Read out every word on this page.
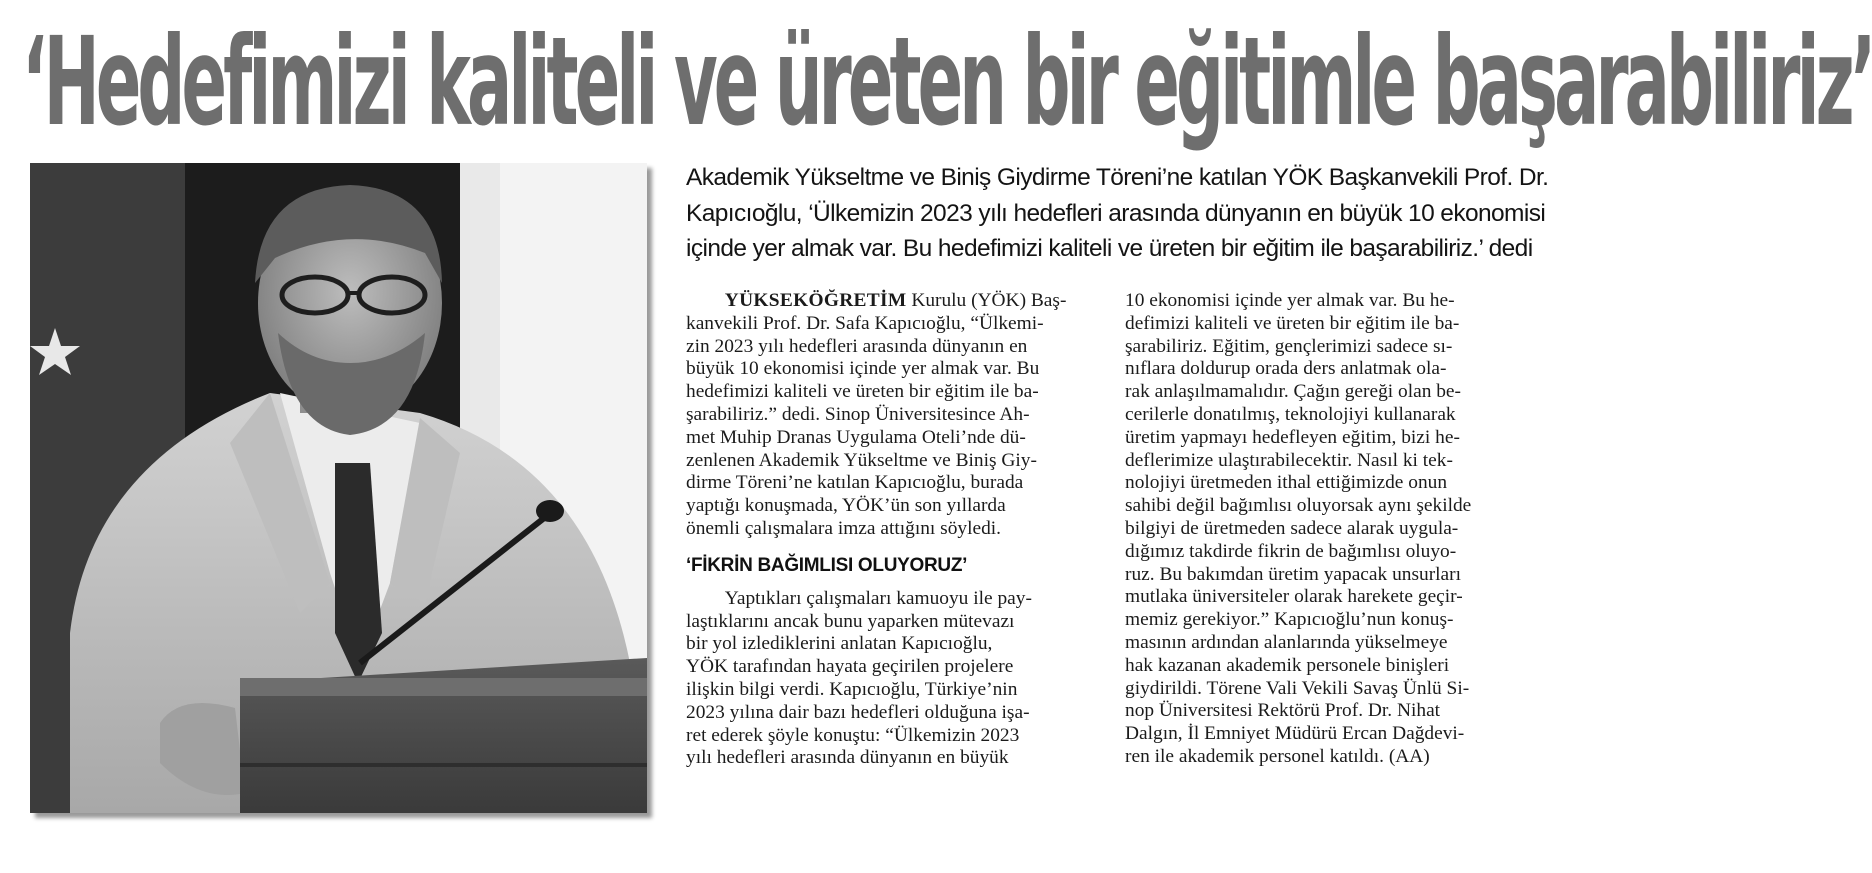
‘Hedefimizi kaliteli ve üreten bir eğitimle başarabiliriz’
Akademik Yükseltme ve Biniş Giydirme Töreni’ne katılan YÖK Başkanvekili Prof. Dr.
Kapıcıoğlu, ‘Ülkemizin 2023 yılı hedefleri arasında dünyanın en büyük 10 ekonomisi
içinde yer almak var. Bu hedefimizi kaliteli ve üreten bir eğitim ile başarabiliriz.’ dedi
  YÜKSEKÖĞRETİM Kurulu (YÖK) Baş-
kanvekili Prof. Dr. Safa Kapıcıoğlu, “Ülkemi-
zin 2023 yılı hedefleri arasında dünyanın en
büyük 10 ekonomisi içinde yer almak var. Bu
hedefimizi kaliteli ve üreten bir eğitim ile ba-
şarabiliriz.” dedi. Sinop Üniversitesince Ah-
met Muhip Dranas Uygulama Oteli’nde dü-
zenlenen Akademik Yükseltme ve Biniş Giy-
dirme Töreni’ne katılan Kapıcıoğlu, burada
yaptığı konuşmada, YÖK’ün son yıllarda
önemli çalışmalara imza attığını söyledi.
‘FİKRİN BAĞIMLISI OLUYORUZ’
  Yaptıkları çalışmaları kamuoyu ile pay-
laştıklarını ancak bunu yaparken mütevazı
bir yol izlediklerini anlatan Kapıcıoğlu,
YÖK tarafından hayata geçirilen projelere
ilişkin bilgi verdi. Kapıcıoğlu, Türkiye’nin
2023 yılına dair bazı hedefleri olduğuna işa-
ret ederek şöyle konuştu: “Ülkemizin 2023
yılı hedefleri arasında dünyanın en büyük
10 ekonomisi içinde yer almak var. Bu he-
defimizi kaliteli ve üreten bir eğitim ile ba-
şarabiliriz. Eğitim, gençlerimizi sadece sı-
nıflara doldurup orada ders anlatmak ola-
rak anlaşılmamalıdır. Çağın gereği olan be-
cerilerle donatılmış, teknolojiyi kullanarak
üretim yapmayı hedefleyen eğitim, bizi he-
deflerimize ulaştırabilecektir. Nasıl ki tek-
nolojiyi üretmeden ithal ettiğimizde onun
sahibi değil bağımlısı oluyorsak aynı şekilde
bilgiyi de üretmeden sadece alarak uygula-
dığımız takdirde fikrin de bağımlısı oluyo-
ruz. Bu bakımdan üretim yapacak unsurları
mutlaka üniversiteler olarak harekete geçir-
memiz gerekiyor.” Kapıcıoğlu’nun konuş-
masının ardından alanlarında yükselmeye
hak kazanan akademik personele binişleri
giydirildi. Törene Vali Vekili Savaş Ünlü Si-
nop Üniversitesi Rektörü Prof. Dr. Nihat
Dalgın, İl Emniyet Müdürü Ercan Dağdevi-
ren ile akademik personel katıldı. (AA)
